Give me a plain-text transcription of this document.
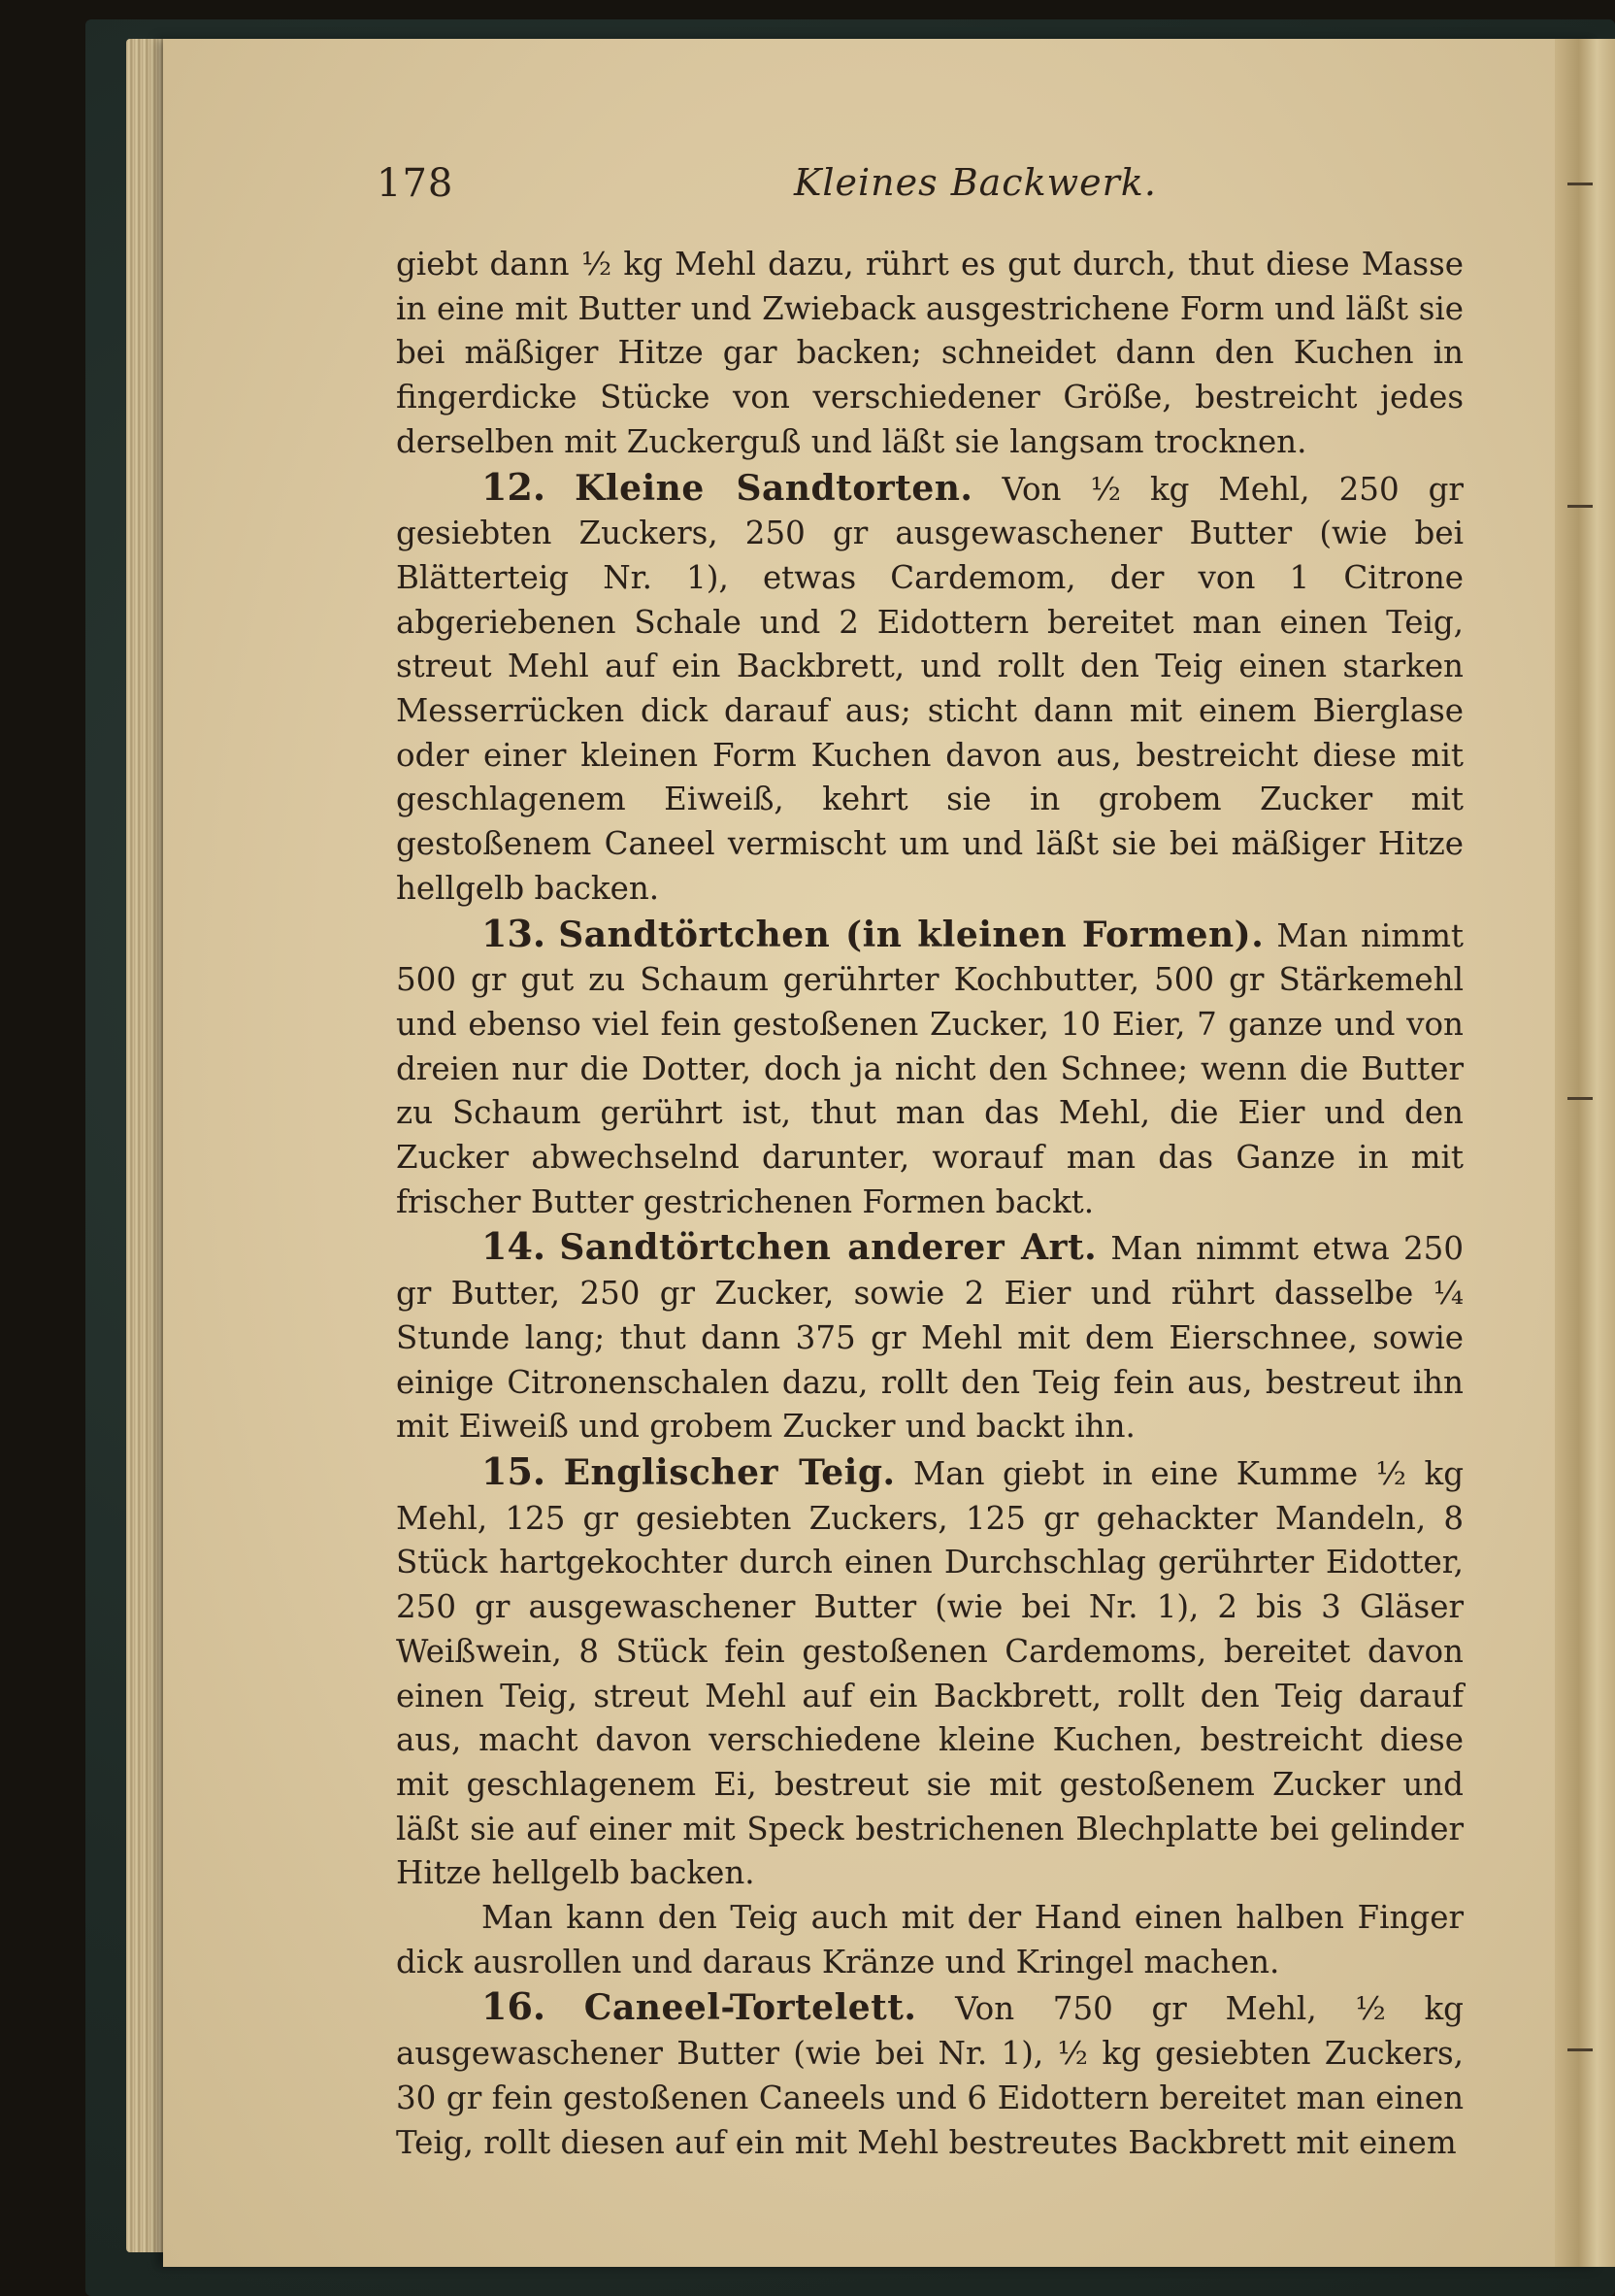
178	Kleines Backwerk.

giebt dann ½ kg Mehl dazu, rührt es gut durch, thut diese Masse in eine mit Butter und Zwieback ausgestrichene Form und läßt sie bei mäßiger Hitze gar backen; schneidet dann den Kuchen in fingerdicke Stücke von verschiedener Größe, bestreicht jedes derselben mit Zuckerguß und läßt sie langsam trocknen.

12. Kleine Sandtorten. Von ½ kg Mehl, 250 gr gesiebten Zuckers, 250 gr ausgewaschener Butter (wie bei Blätterteig Nr. 1), etwas Cardemom, der von 1 Citrone abgeriebenen Schale und 2 Eidottern bereitet man einen Teig, streut Mehl auf ein Backbrett, und rollt den Teig einen starken Messerrücken dick darauf aus; sticht dann mit einem Bierglase oder einer kleinen Form Kuchen davon aus, bestreicht diese mit geschlagenem Eiweiß, kehrt sie in grobem Zucker mit gestoßenem Caneel vermischt um und läßt sie bei mäßiger Hitze hellgelb backen.

13. Sandtörtchen (in kleinen Formen). Man nimmt 500 gr gut zu Schaum gerührter Kochbutter, 500 gr Stärkemehl und ebenso viel fein gestoßenen Zucker, 10 Eier, 7 ganze und von dreien nur die Dotter, doch ja nicht den Schnee; wenn die Butter zu Schaum gerührt ist, thut man das Mehl, die Eier und den Zucker abwechselnd darunter, worauf man das Ganze in mit frischer Butter gestrichenen Formen backt.

14. Sandtörtchen anderer Art. Man nimmt etwa 250 gr Butter, 250 gr Zucker, sowie 2 Eier und rührt dasselbe ¼ Stunde lang; thut dann 375 gr Mehl mit dem Eierschnee, sowie einige Citronenschalen dazu, rollt den Teig fein aus, bestreut ihn mit Eiweiß und grobem Zucker und backt ihn.

15. Englischer Teig. Man giebt in eine Kumme ½ kg Mehl, 125 gr gesiebten Zuckers, 125 gr gehackter Mandeln, 8 Stück hartgekochter durch einen Durchschlag gerührter Eidotter, 250 gr ausgewaschener Butter (wie bei Nr. 1), 2 bis 3 Gläser Weißwein, 8 Stück fein gestoßenen Cardemoms, bereitet davon einen Teig, streut Mehl auf ein Backbrett, rollt den Teig darauf aus, macht davon verschiedene kleine Kuchen, bestreicht diese mit geschlagenem Ei, bestreut sie mit gestoßenem Zucker und läßt sie auf einer mit Speck bestrichenen Blechplatte bei gelinder Hitze hellgelb backen.

Man kann den Teig auch mit der Hand einen halben Finger dick ausrollen und daraus Kränze und Kringel machen.

16. Caneel-Tortelett. Von 750 gr Mehl, ½ kg ausgewaschener Butter (wie bei Nr. 1), ½ kg gesiebten Zuckers, 30 gr fein gestoßenen Caneels und 6 Eidottern bereitet man einen Teig, rollt diesen auf ein mit Mehl bestreutes Backbrett mit einem
